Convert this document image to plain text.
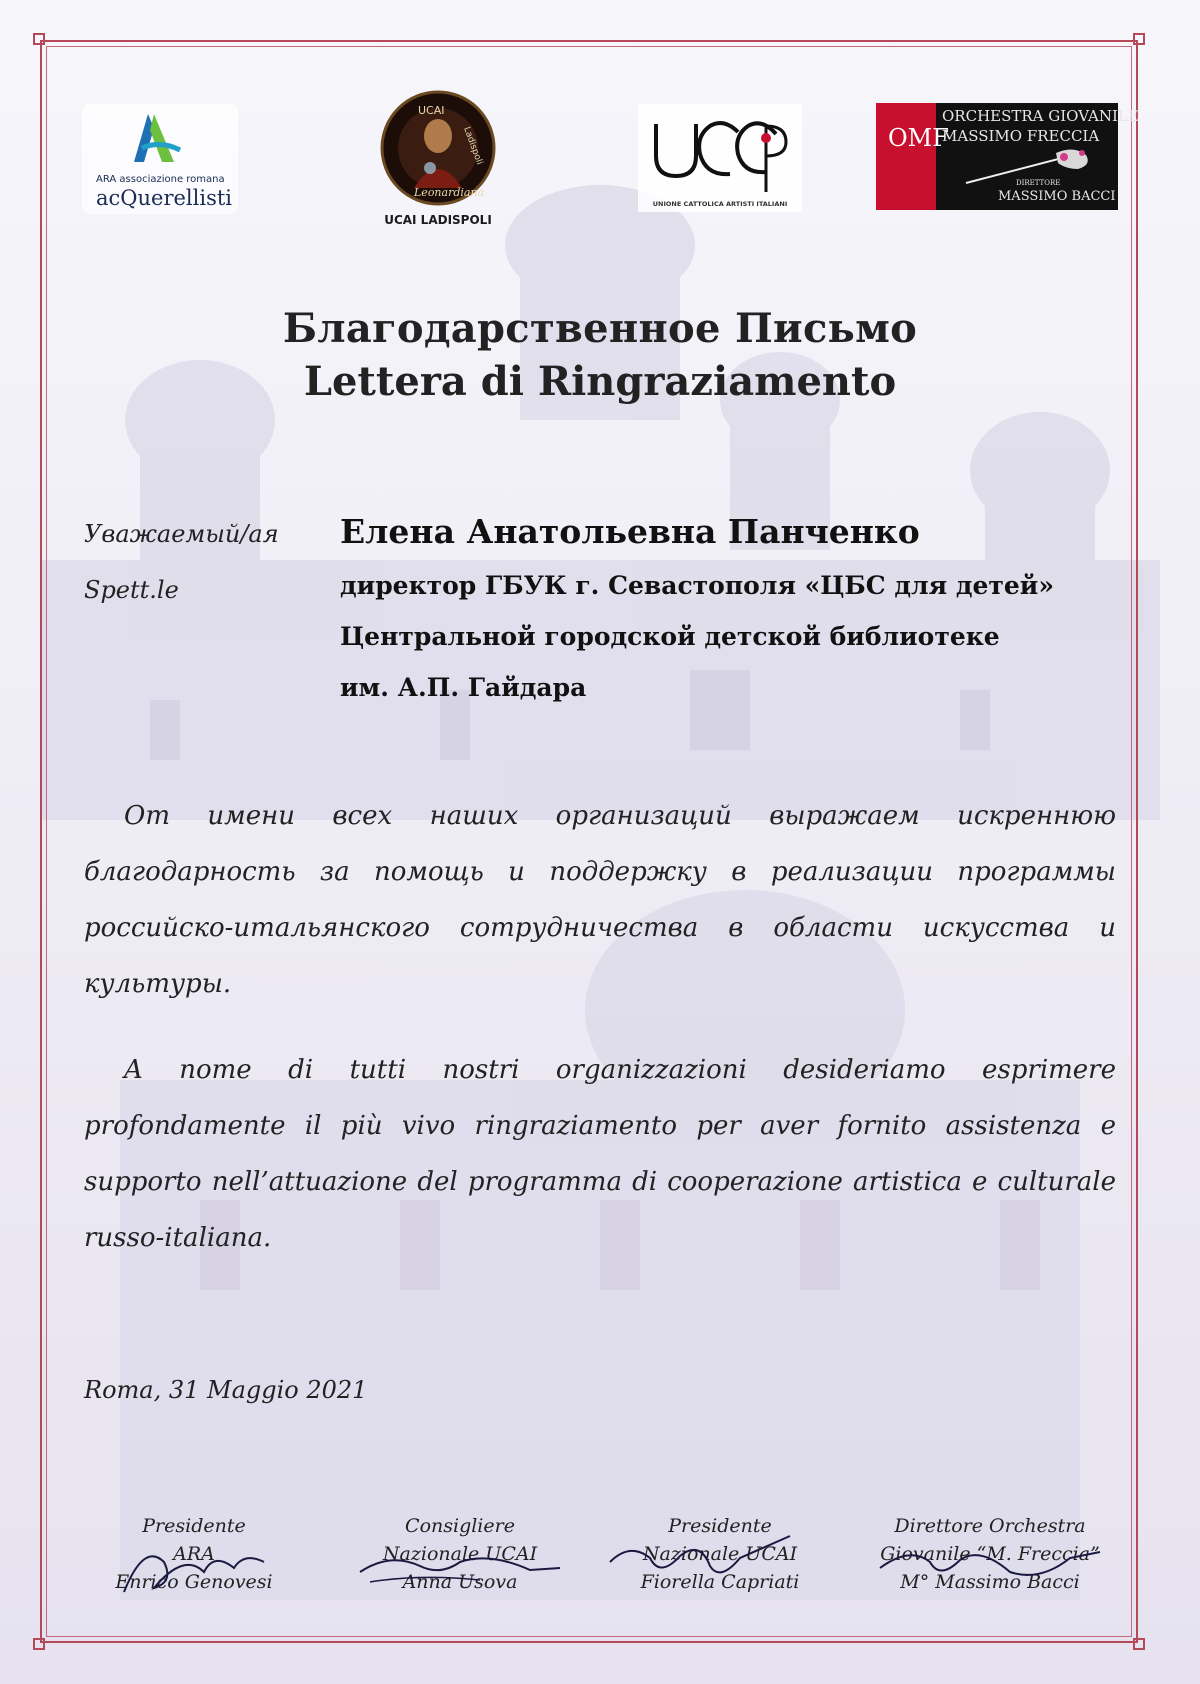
ARA associazione romana
acQuerellisti
UCAI
Ladispoli
Leonardiana
UCAI LADISPOLI
UNIONE CATTOLICA ARTISTI ITALIANI
OMF
ORCHESTRA GIOVANILE
MASSIMO FRECCIA
DIRETTORE
MASSIMO BACCI
Благодарственное Письмо
Lettera di Ringraziamento
Уважаемый/ая
Spett.le
Елена Анатольевна Панченко
директор ГБУК г. Севастополя «ЦБС для детей»
Центральной городской детской библиотеке
им. А.П. Гайдара

От имени всех наших организаций выражаем искреннюю благодарность за помощь и поддержку в реализации программы российско-итальянского сотрудничества в области искусства и культуры.

A nome di tutti nostri organizzazioni desideriamo esprimere profondamente il più vivo ringraziamento per aver fornito assistenza e supporto nell’attuazione del programma di cooperazione artistica e culturale russo-italiana.

Roma, 31 Maggio 2021
Presidente
ARA
Enrico Genovesi
Consigliere
Nazionale UCAI
Anna Usova
Presidente
Nazionale UCAI
Fiorella Capriati
Direttore Orchestra
Giovanile “M. Freccia”
M° Massimo Bacci
